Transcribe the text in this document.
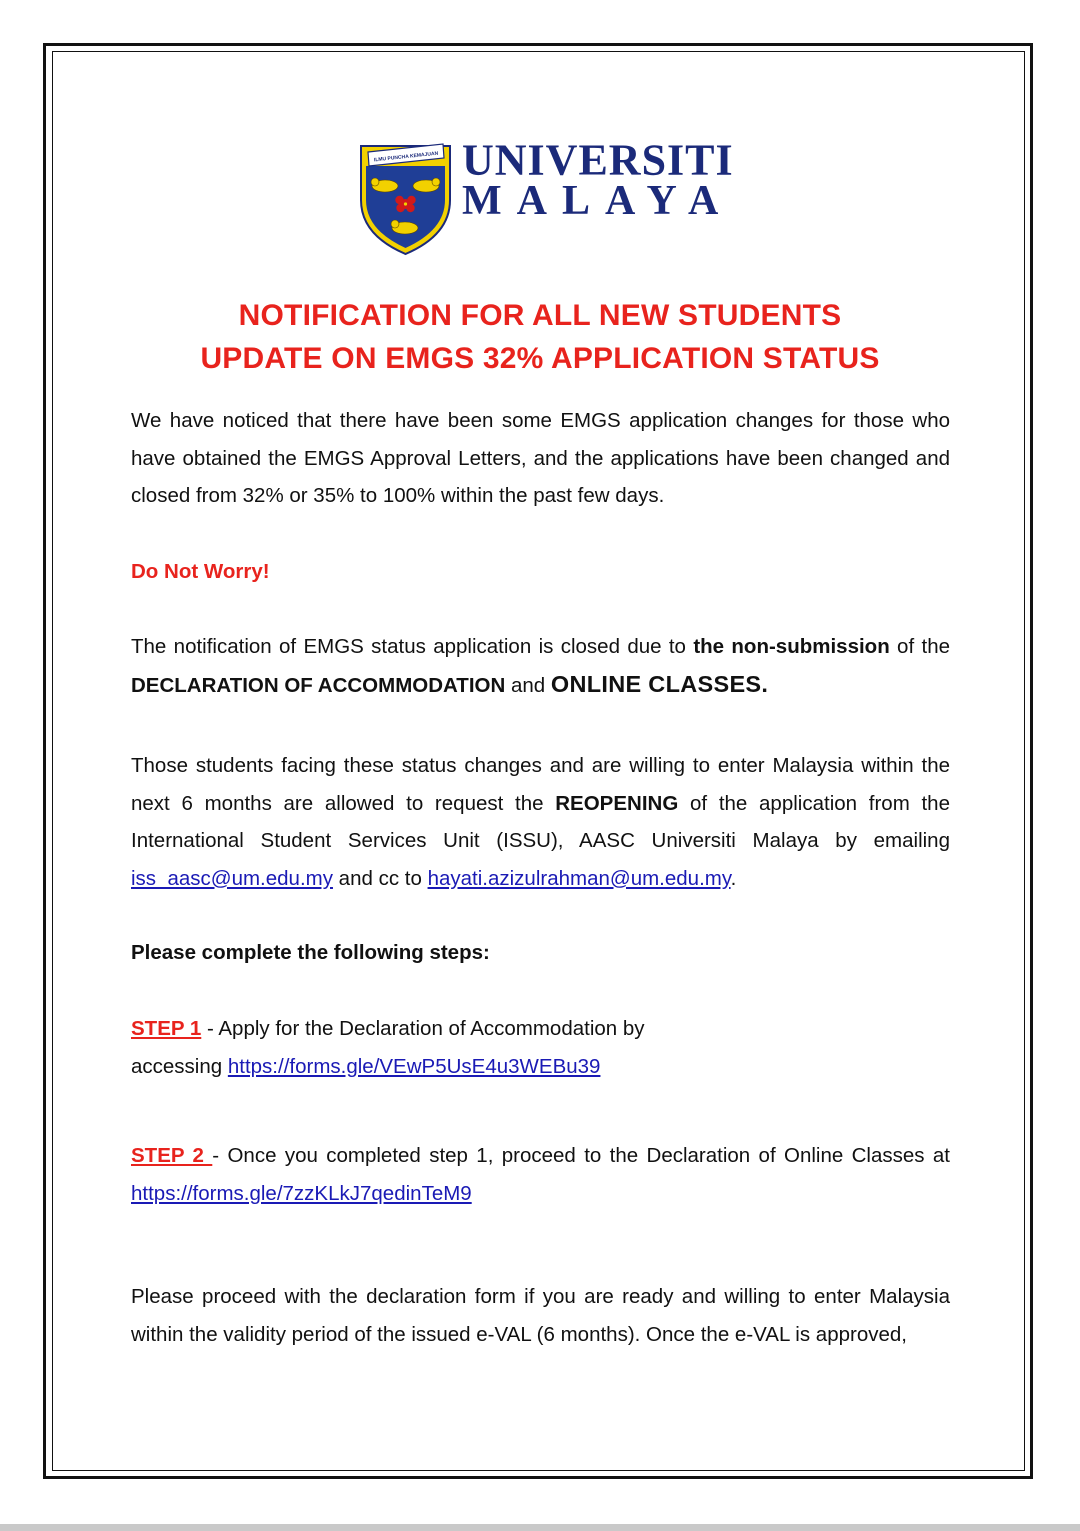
ILMU PUNCHA KEMAJUAN UNIVERSITI
MALAYA
NOTIFICATION FOR ALL NEW STUDENTS
UPDATE ON EMGS 32% APPLICATION STATUS

We have noticed that there have been some EMGS application changes for those who have obtained the EMGS Approval Letters, and the applications have been changed and closed from 32% or 35% to 100% within the past few days.

Do Not Worry!

The notification of EMGS status application is closed due to the non-submission of the DECLARATION OF ACCOMMODATION and ONLINE CLASSES.

Those students facing these status changes and are willing to enter Malaysia within the next 6 months are allowed to request the REOPENING of the application from the International Student Services Unit (ISSU), AASC Universiti Malaya by emailing iss_aasc@um.edu.my and cc to hayati.azizulrahman@um.edu.my.

Please complete the following steps:

STEP 1 - Apply for the Declaration of Accommodation by
accessing https://forms.gle/VEwP5UsE4u3WEBu39

STEP 2 - Once you completed step 1, proceed to the Declaration of Online Classes at https://forms.gle/7zzKLkJ7qedinTeM9

Please proceed with the declaration form if you are ready and willing to enter Malaysia within the validity period of the issued e-VAL (6 months). Once the e-VAL is approved,
